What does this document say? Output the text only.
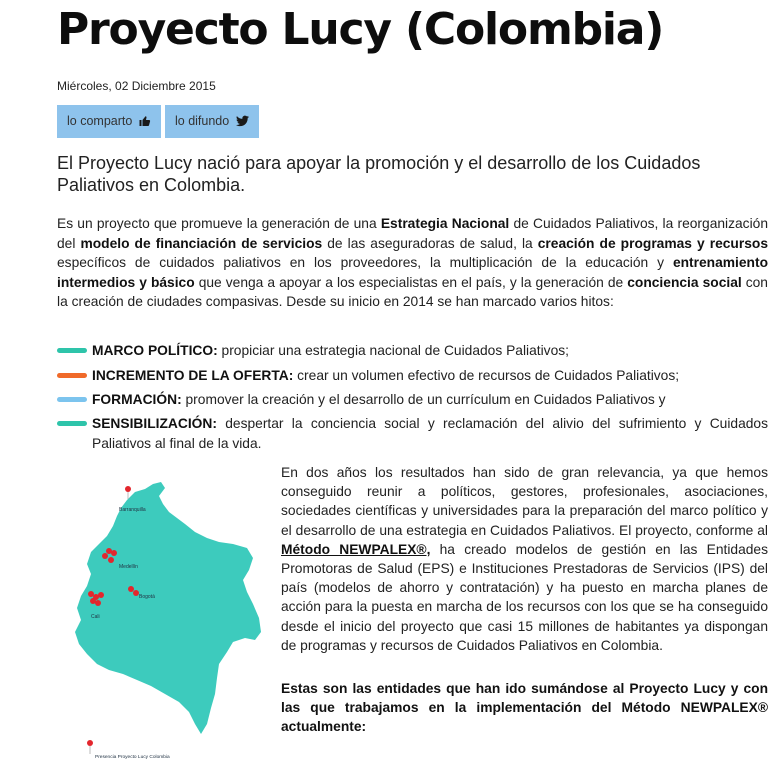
Proyecto Lucy (Colombia)
Miércoles, 02 Diciembre 2015
lo comparto	lo difundo

El Proyecto Lucy nació para apoyar la promoción y el desarrollo de los Cuidados Paliativos en Colombia.

Es un proyecto que promueve la generación de una Estrategia Nacional de Cuidados Paliativos, la reorganización del modelo de financiación de servicios de las aseguradoras de salud, la creación de programas y recursos específicos de cuidados paliativos en los proveedores, la multiplicación de la educación y entrenamiento intermedios y básico que venga a apoyar a los especialistas en el país, y la generación de conciencia social con la creación de ciudades compasivas. Desde su inicio en 2014 se han marcado varios hitos:

MARCO POLÍTICO: propiciar una estrategia nacional de Cuidados Paliativos;
INCREMENTO DE LA OFERTA: crear un volumen efectivo de recursos de Cuidados Paliativos;
FORMACIÓN: promover la creación y el desarrollo de un currículum en Cuidados Paliativos y
SENSIBILIZACIÓN: despertar la conciencia social y reclamación del alivio del sufrimiento y Cuidados Paliativos al final de la vida.
Barranquilla
Medellín
Bogotá
Cali
Presencia Proyecto Lucy Colombia

En dos años los resultados han sido de gran relevancia, ya que hemos conseguido reunir a políticos, gestores, profesionales, asociaciones, sociedades científicas y universidades para la preparación del marco político y el desarrollo de una estrategia en Cuidados Paliativos. El proyecto, conforme al Método NEWPALEX®, ha creado modelos de gestión en las Entidades Promotoras de Salud (EPS) e Instituciones Prestadoras de Servicios (IPS) del país (modelos de ahorro y contratación) y ha puesto en marcha planes de acción para la puesta en marcha de los recursos con los que se ha conseguido desde el inicio del proyecto que casi 15 millones de habitantes ya dispongan de programas y recursos de Cuidados Paliativos en Colombia.

Estas son las entidades que han ido sumándose al Proyecto Lucy y con las que trabajamos en la implementación del Método NEWPALEX® actualmente:
